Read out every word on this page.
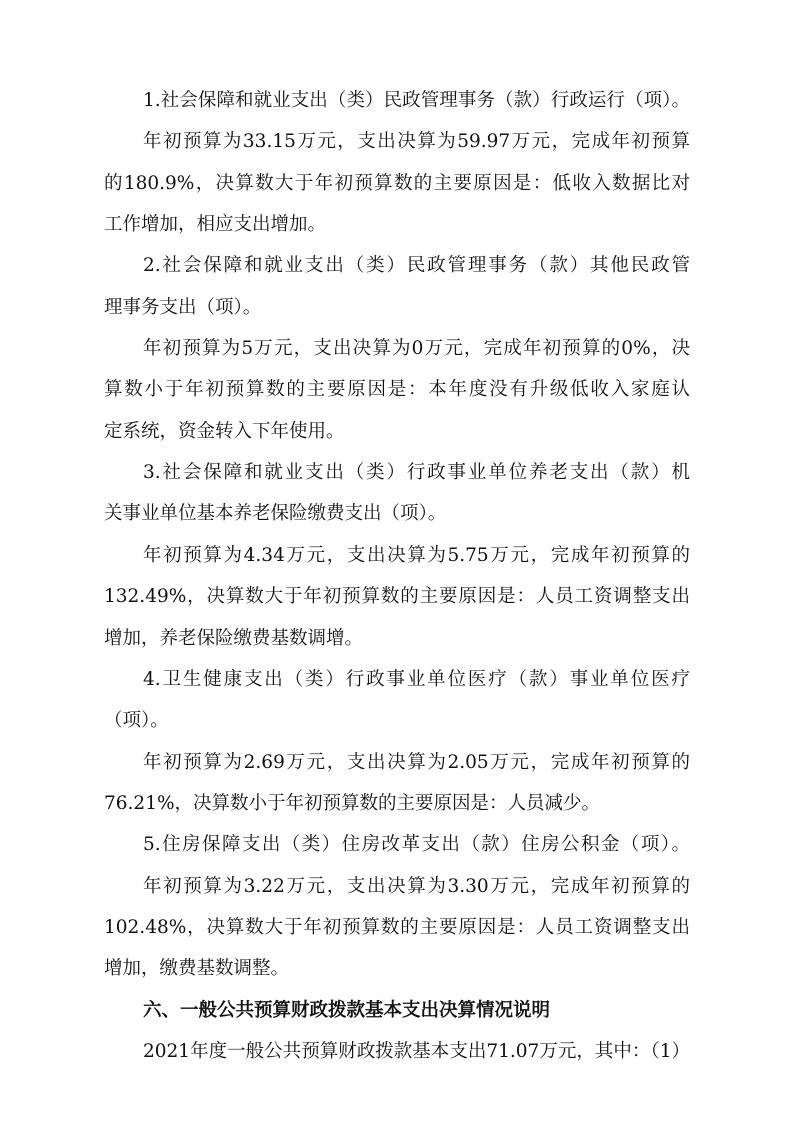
1.社会保障和就业支出（类）民政管理事务（款）行政运行（项）。
年初预算为33.15万元，支出决算为59.97万元，完成年初预算
的180.9%，决算数大于年初预算数的主要原因是：低收入数据比对
工作增加，相应支出增加。
2.社会保障和就业支出（类）民政管理事务（款）其他民政管
理事务支出（项）。
年初预算为5万元，支出决算为0万元，完成年初预算的0%，决
算数小于年初预算数的主要原因是：本年度没有升级低收入家庭认
定系统，资金转入下年使用。
3.社会保障和就业支出（类）行政事业单位养老支出（款）机
关事业单位基本养老保险缴费支出（项）。
年初预算为4.34万元，支出决算为5.75万元，完成年初预算的
132.49%，决算数大于年初预算数的主要原因是：人员工资调整支出
增加，养老保险缴费基数调增。
4.卫生健康支出（类）行政事业单位医疗（款）事业单位医疗
（项）。
年初预算为2.69万元，支出决算为2.05万元，完成年初预算的
76.21%，决算数小于年初预算数的主要原因是：人员减少。
5.住房保障支出（类）住房改革支出（款）住房公积金（项）。
年初预算为3.22万元，支出决算为3.30万元，完成年初预算的
102.48%，决算数大于年初预算数的主要原因是：人员工资调整支出
增加，缴费基数调整。
六、一般公共预算财政拨款基本支出决算情况说明
2021年度一般公共预算财政拨款基本支出71.07万元，其中：（1）
